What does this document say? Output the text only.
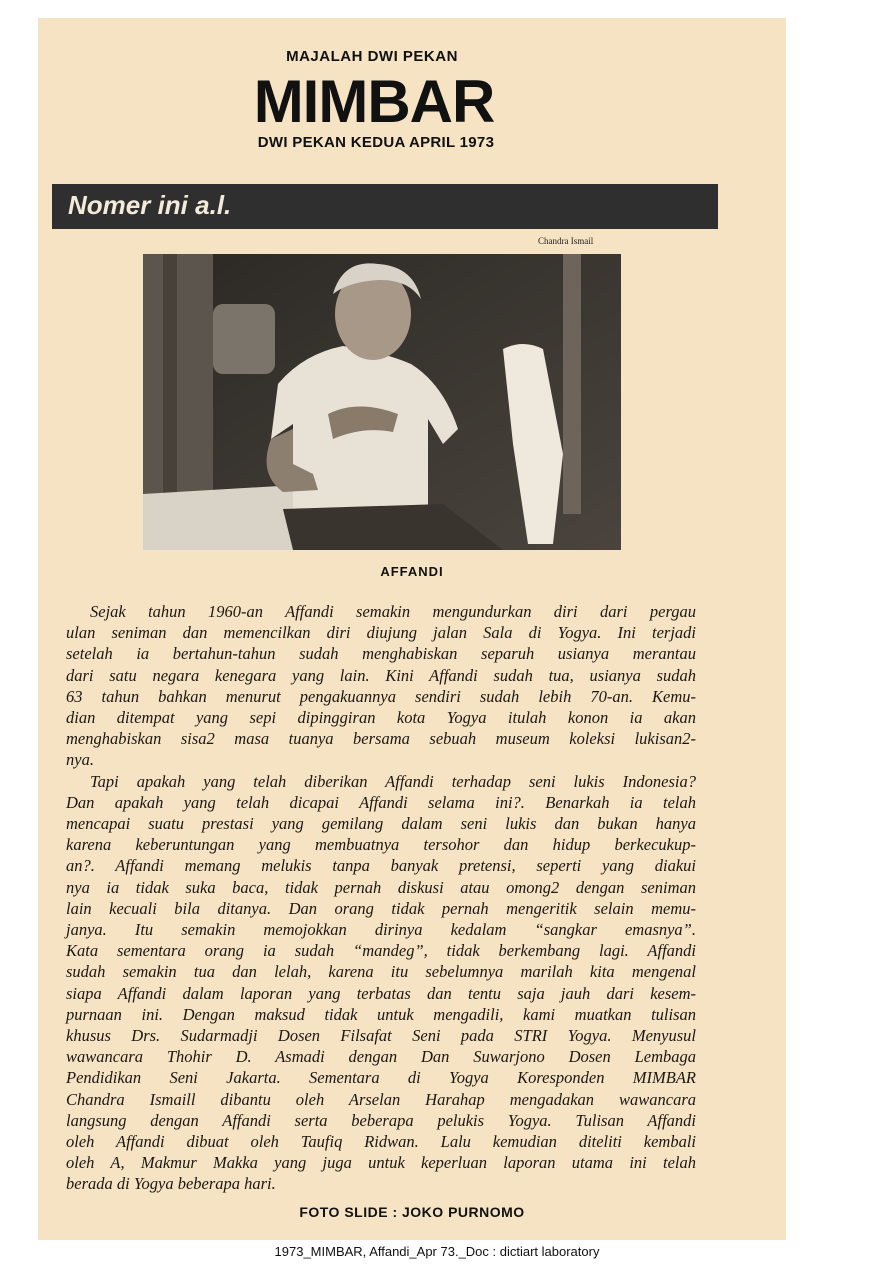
MAJALAH DWI PEKAN
MIMBAR
DWI PEKAN KEDUA APRIL 1973
Nomer ini a.l.
Chandra Ismail
AFFANDI

Sejak tahun 1960-an Affandi semakin mengundurkan diri dari pergau
ulan seniman dan memencilkan diri diujung jalan Sala di Yogya. Ini terjadi
setelah ia bertahun-tahun sudah menghabiskan separuh usianya merantau
dari satu negara kenegara yang lain. Kini Affandi sudah tua, usianya sudah
63 tahun bahkan menurut pengakuannya sendiri sudah lebih 70-an. Kemu-
dian ditempat yang sepi dipinggiran kota Yogya itulah konon ia akan
menghabiskan sisa2 masa tuanya bersama sebuah museum koleksi lukisan2-
nya.

Tapi apakah yang telah diberikan Affandi terhadap seni lukis Indonesia?
Dan apakah yang telah dicapai Affandi selama ini?. Benarkah ia telah
mencapai suatu prestasi yang gemilang dalam seni lukis dan bukan hanya
karena keberuntungan yang membuatnya tersohor dan hidup berkecukup-
an?. Affandi memang melukis tanpa banyak pretensi, seperti yang diakui
nya ia tidak suka baca, tidak pernah diskusi atau omong2 dengan seniman
lain kecuali bila ditanya. Dan orang tidak pernah mengeritik selain memu-
janya. Itu semakin memojokkan dirinya kedalam “sangkar emasnya”.
Kata sementara orang ia sudah “mandeg”, tidak berkembang lagi. Affandi
sudah semakin tua dan lelah, karena itu sebelumnya marilah kita mengenal
siapa Affandi dalam laporan yang terbatas dan tentu saja jauh dari kesem-
purnaan ini. Dengan maksud tidak untuk mengadili, kami muatkan tulisan
khusus Drs. Sudarmadji Dosen Filsafat Seni pada STRI Yogya. Menyusul
wawancara Thohir D. Asmadi dengan Dan Suwarjono Dosen Lembaga
Pendidikan Seni Jakarta. Sementara di Yogya Koresponden MIMBAR
Chandra Ismaill dibantu oleh Arselan Harahap mengadakan wawancara
langsung dengan Affandi serta beberapa pelukis Yogya. Tulisan Affandi
oleh Affandi dibuat oleh Taufiq Ridwan. Lalu kemudian diteliti kembali
oleh A, Makmur Makka yang juga untuk keperluan laporan utama ini telah
berada di Yogya beberapa hari.

FOTO SLIDE : JOKO PURNOMO
1973_MIMBAR, Affandi_Apr 73._Doc : dictiart laboratory
